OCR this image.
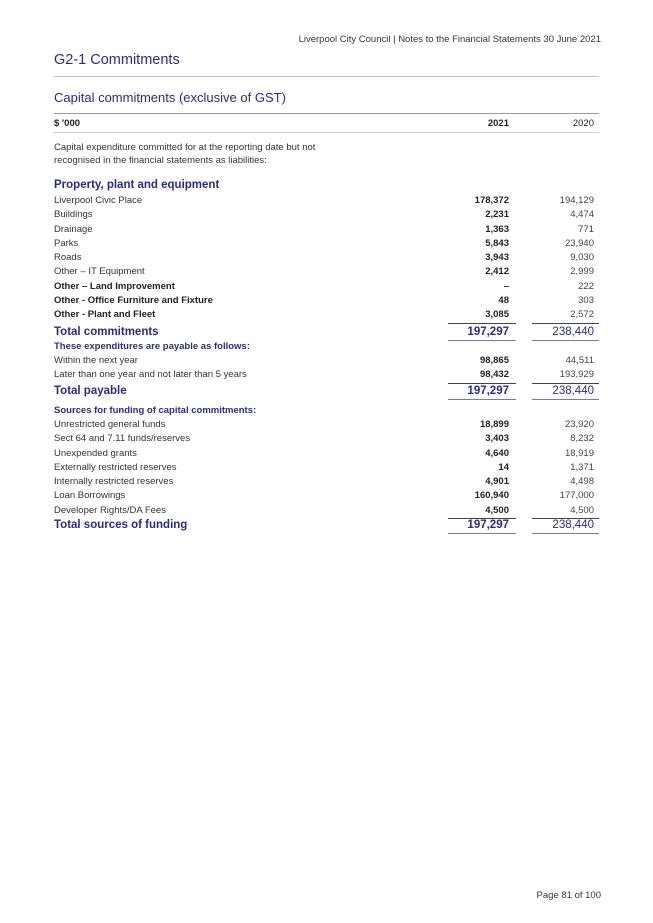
Liverpool City Council | Notes to the Financial Statements 30 June 2021
G2-1 Commitments
Capital commitments (exclusive of GST)
$ '000	2021	2020
Capital expenditure committed for at the reporting date but not
recognised in the financial statements as liabilities:
Property, plant and equipment
Liverpool Civic Place	178,372	194,129
Buildings	2,231	4,474
Drainage	1,363	771
Parks	5,843	23,940
Roads	3,943	9,030
Other – IT Equipment	2,412	2,999
Other – Land Improvement	–	222
Other - Office Furniture and Fixture	48	303
Other - Plant and Fleet	3,085	2,572
Total commitments	197,297	238,440
These expenditures are payable as follows:
Within the next year	98,865	44,511
Later than one year and not later than 5 years	98,432	193,929
Total payable	197,297	238,440
Sources for funding of capital commitments:
Unrestricted general funds	18,899	23,920
Sect 64 and 7.11 funds/reserves	3,403	8,232
Unexpended grants	4,640	18,919
Externally restricted reserves	14	1,371
Internally restricted reserves	4,901	4,498
Loan Borrowings	160,940	177,000
Developer Rights/DA Fees	4,500	4,500
Total sources of funding	197,297	238,440
Page 81 of 100
